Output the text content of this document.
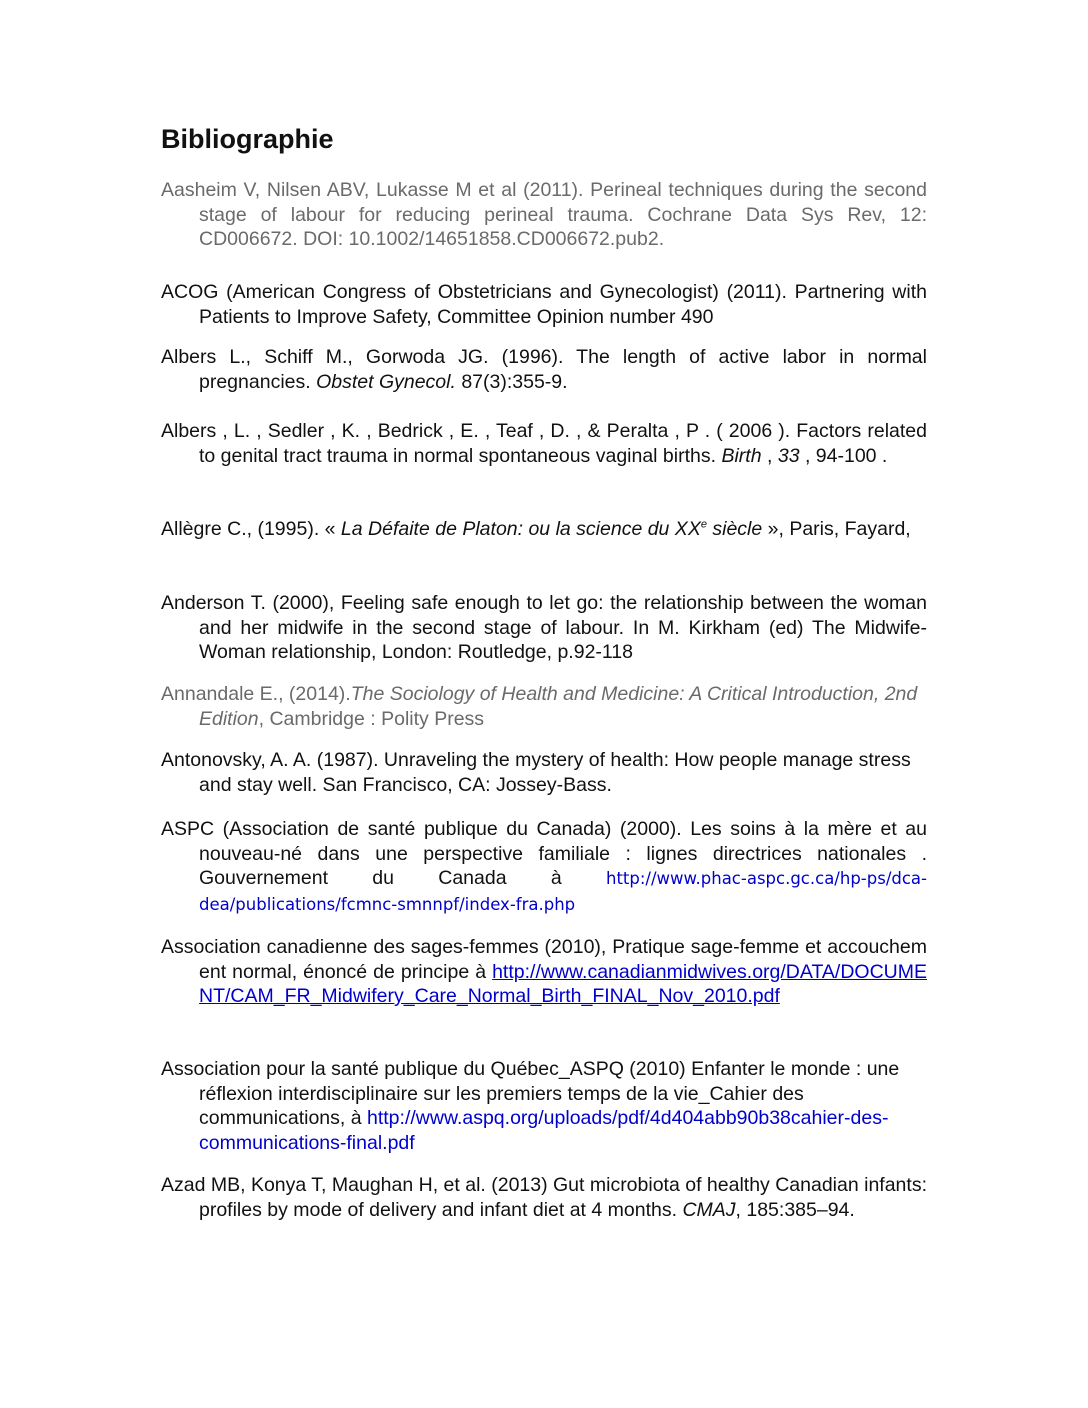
Bibliographie

Aasheim V, Nilsen ABV, Lukasse M et al (2011). Perineal techniques during the second stage of labour for reducing perineal trauma. Cochrane Data Sys Rev, 12: CD006672. DOI: 10.1002/14651858.CD006672.pub2.

ACOG (American Congress of Obstetricians and Gynecologist) (2011). Partnering with Patients to Improve Safety, Committee Opinion number 490

Albers L., Schiff M., Gorwoda JG. (1996). The length of active labor in normal pregnancies. Obstet Gynecol. 87(3):355-9.

Albers , L. , Sedler , K. , Bedrick , E. , Teaf , D. , & Peralta , P . ( 2006 ). Factors related to genital tract trauma in normal spontaneous vaginal births. Birth , 33 , 94-100 .

Allègre C., (1995). « La Défaite de Platon: ou la science du XXe siècle », Paris, Fayard,

Anderson T. (2000), Feeling safe enough to let go: the relationship between the woman and her midwife in the second stage of labour. In M. Kirkham (ed) The Midwife-Woman relationship, London: Routledge, p.92-118

Annandale E., (2014).The Sociology of Health and Medicine: A Critical Introduction, 2nd Edition, Cambridge : Polity Press

Antonovsky, A. A. (1987). Unraveling the mystery of health: How people manage stress and stay well. San Francisco, CA: Jossey-Bass.

ASPC (Association de santé publique du Canada) (2000). Les soins à la mère et au nouveau-né dans une perspective familiale : lignes directrices nationales . Gouvernement du Canada à http://www.phac-aspc.gc.ca/hp-ps/dca-dea/publications/fcmnc-smnnpf/index-fra.php

Association canadienne des sages-femmes (2010), Pratique sage-femme et accouchement normal, énoncé de principe à http://www.canadianmidwives.org/DATA/DOCUMENT/CAM_FR_Midwifery_Care_Normal_Birth_FINAL_Nov_2010.pdf

Association pour la santé publique du Québec_ASPQ (2010) Enfanter le monde : une réflexion interdisciplinaire sur les premiers temps de la vie_Cahier des communications, à http://www.aspq.org/uploads/pdf/4d404abb90b38cahier-des-communications-final.pdf

Azad MB, Konya T, Maughan H, et al. (2013) Gut microbiota of healthy Canadian infants: profiles by mode of delivery and infant diet at 4 months. CMAJ, 185:385–94.
